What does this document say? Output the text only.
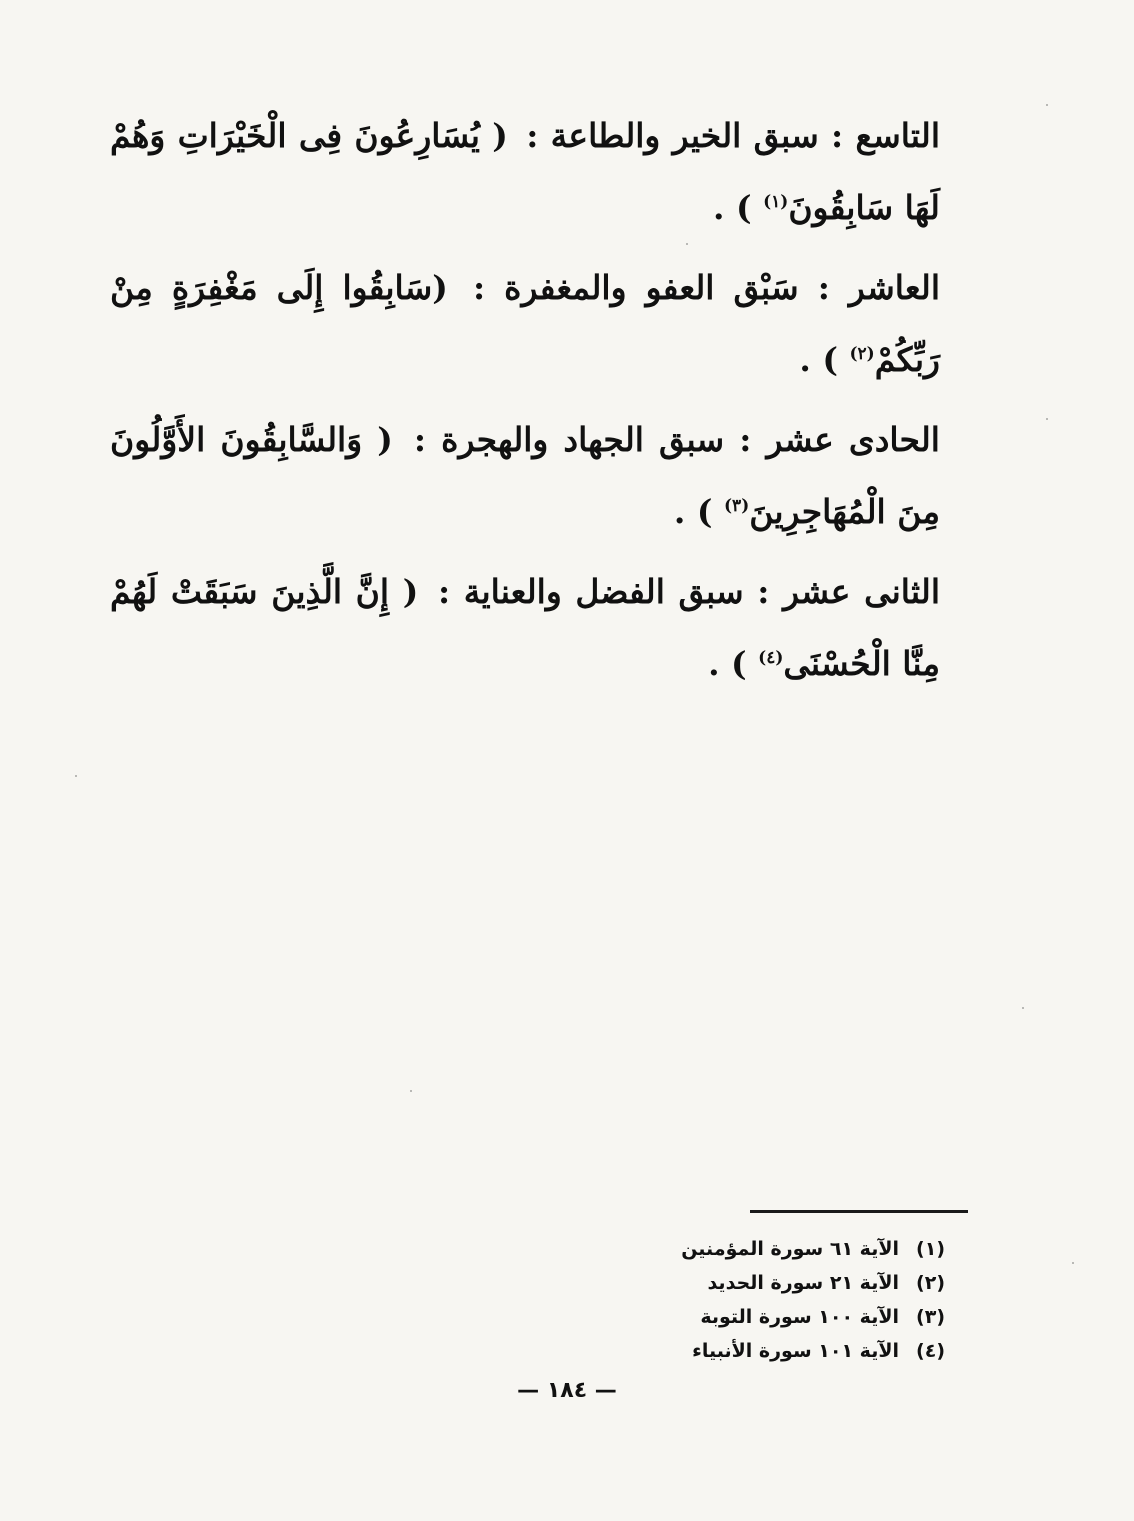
التاسع : سبق الخير والطاعة : ( يُسَارِعُونَ فِى الْخَيْرَاتِ وَهُمْ لَهَا سَابِقُونَ$^{(١)}$ ) .

العاشر : سَبْق العفو والمغفرة : (سَابِقُوا إِلَى مَغْفِرَةٍ مِنْ رَبِّكُمْ$^{(٢)}$ ) .

الحادى عشر : سبق الجهاد والهجرة : ( وَالسَّابِقُونَ الأَوَّلُونَ مِنَ الْمُهَاجِرِينَ$^{(٣)}$ ) .

الثانى عشر : سبق الفضل والعناية : ( إِنَّ الَّذِينَ سَبَقَتْ لَهُمْ مِنَّا الْحُسْنَى$^{(٤)}$ ) .

(١)
الآية ٦١ سورة المؤمنين
(٢)
الآية ٢١ سورة الحديد
(٣)
الآية ١٠٠ سورة التوبة
(٤)
الآية ١٠١ سورة الأنبياء
— ١٨٤ —
